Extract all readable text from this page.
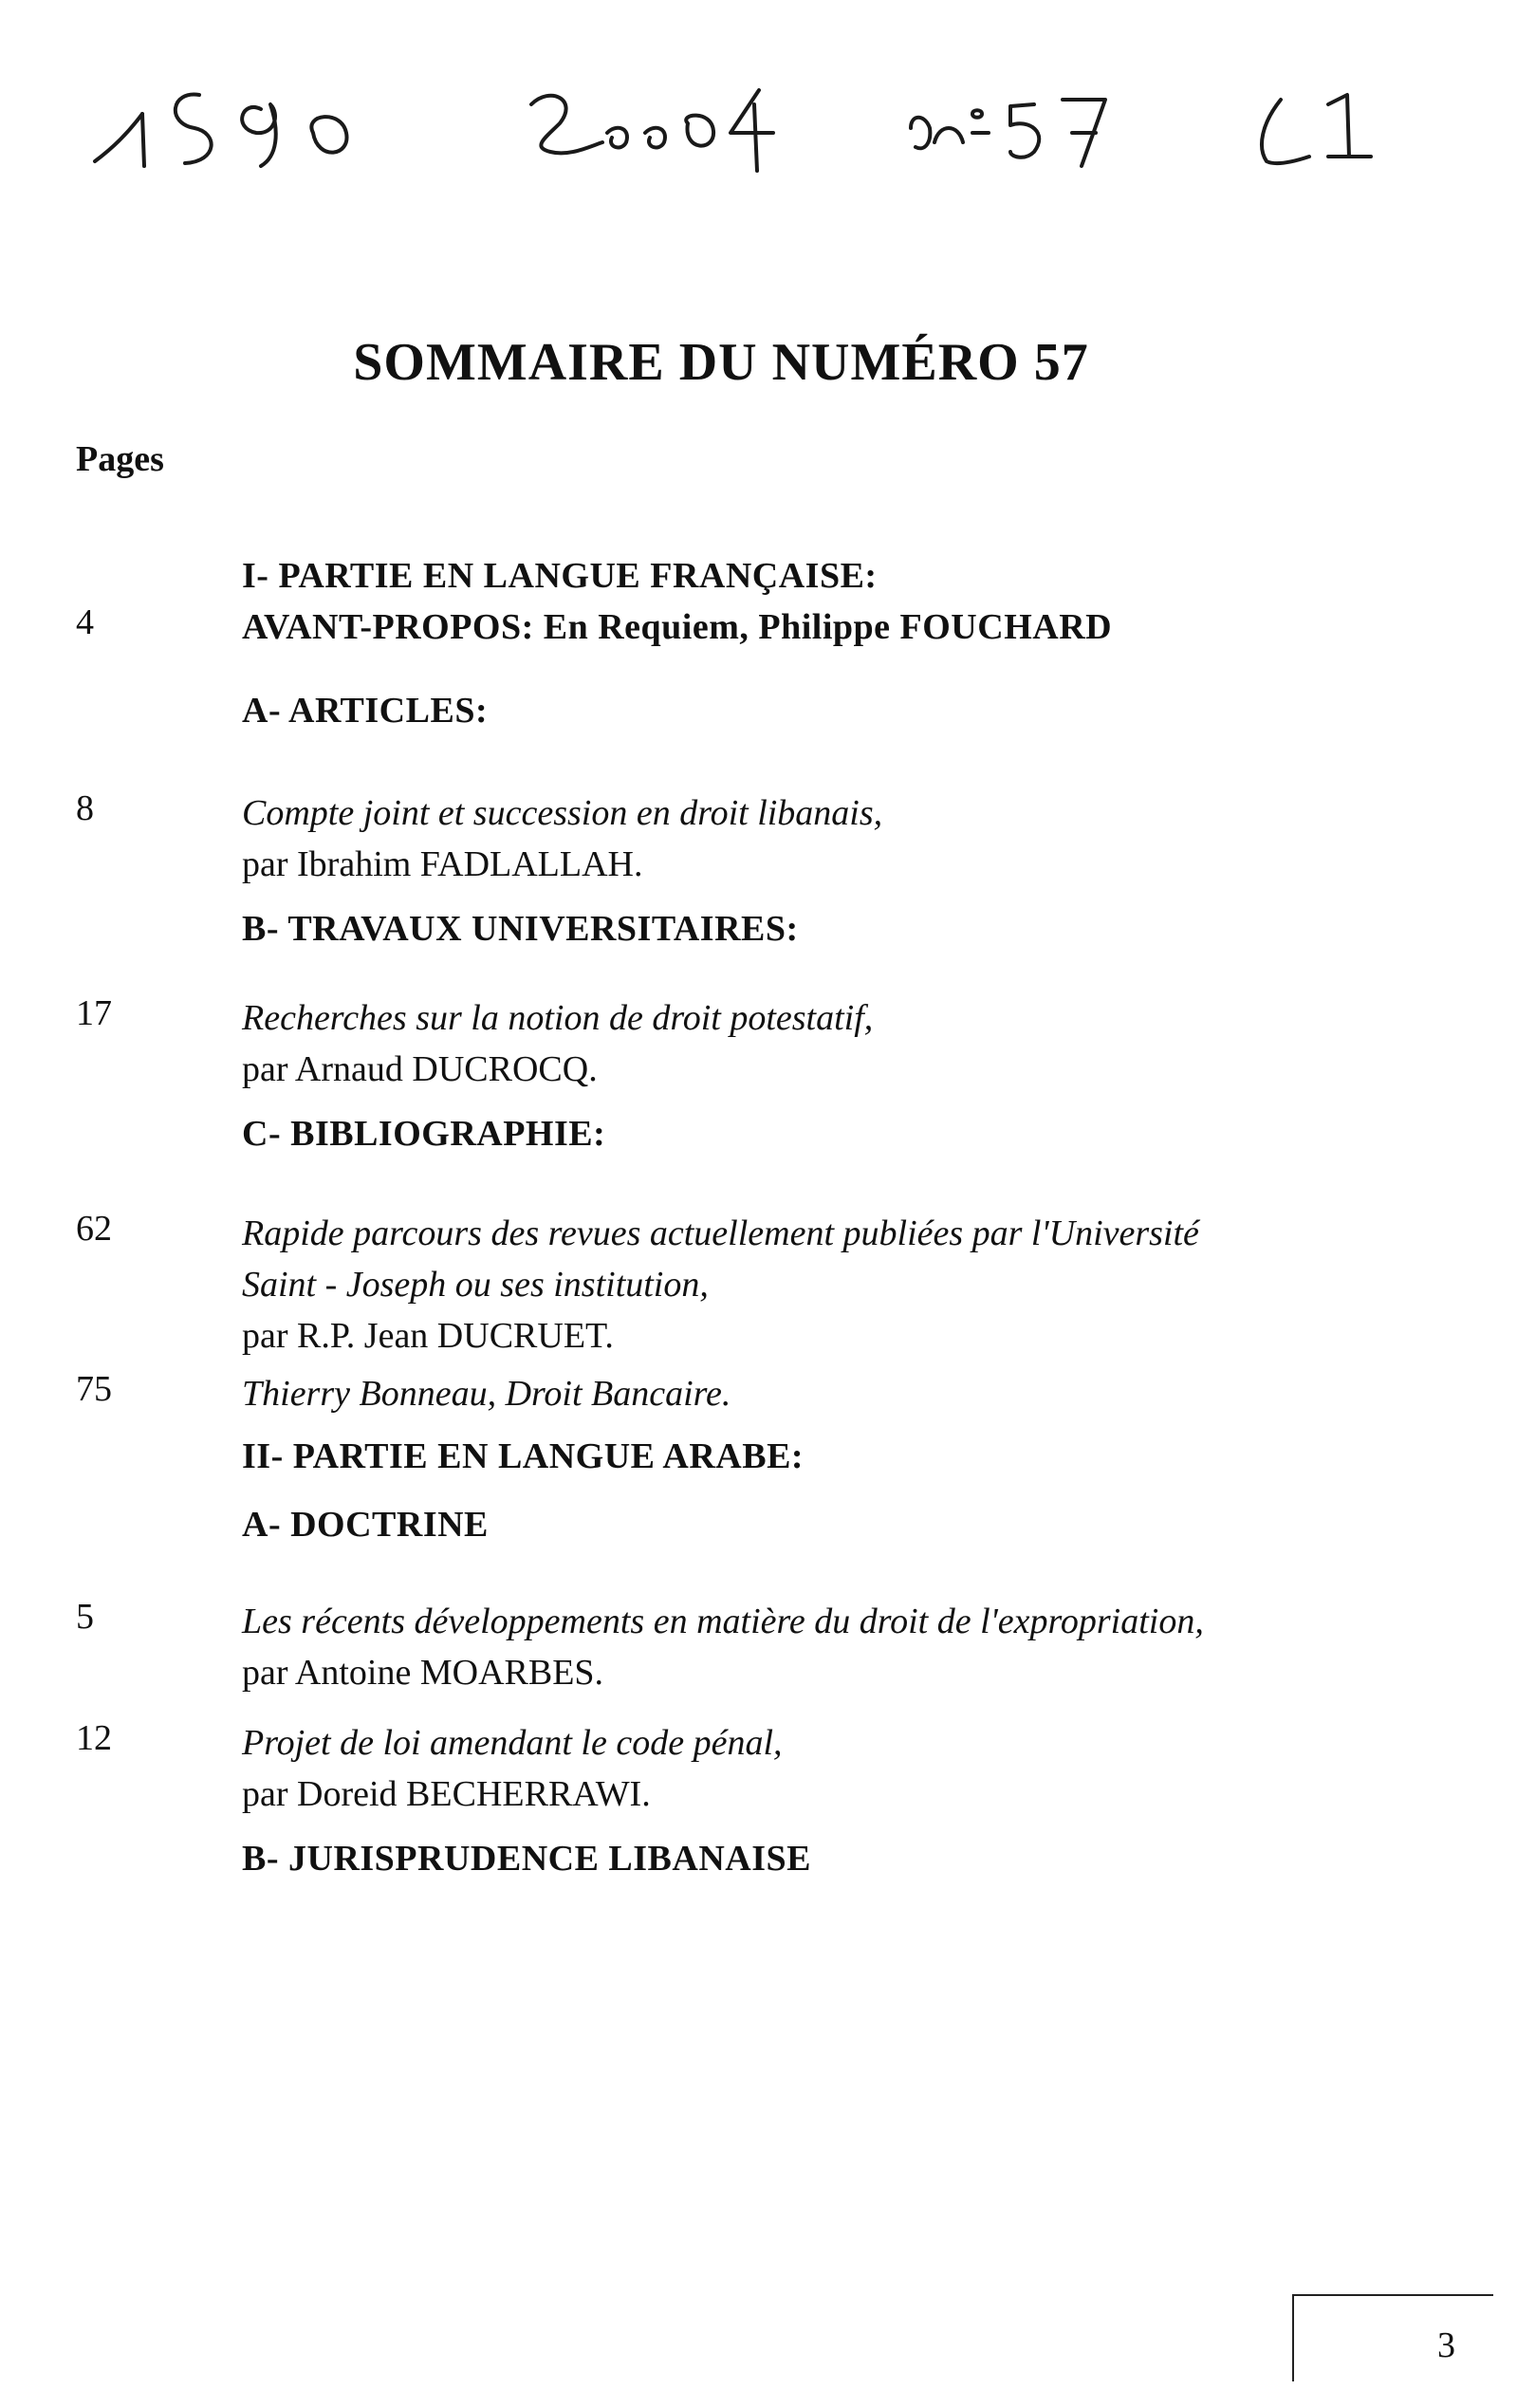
SOMMAIRE DU NUMÉRO 57
Pages
I- PARTIE EN LANGUE FRANÇAISE:
4	AVANT-PROPOS: En Requiem, Philippe FOUCHARD
A- ARTICLES:
8	Compte joint et succession en droit libanais,
par Ibrahim FADLALLAH.
B- TRAVAUX UNIVERSITAIRES:
17	Recherches sur la notion de droit potestatif,
par Arnaud DUCROCQ.
C- BIBLIOGRAPHIE:
62	Rapide parcours des revues actuellement publiées par l'Université
Saint - Joseph ou ses institution,
par R.P. Jean DUCRUET.
75	Thierry Bonneau, Droit Bancaire.
II- PARTIE EN LANGUE ARABE:
A- DOCTRINE
5	Les récents développements en matière du droit de l'expropriation,
par Antoine MOARBES.
12	Projet de loi amendant le code pénal,
par Doreid BECHERRAWI.
B- JURISPRUDENCE LIBANAISE
3
